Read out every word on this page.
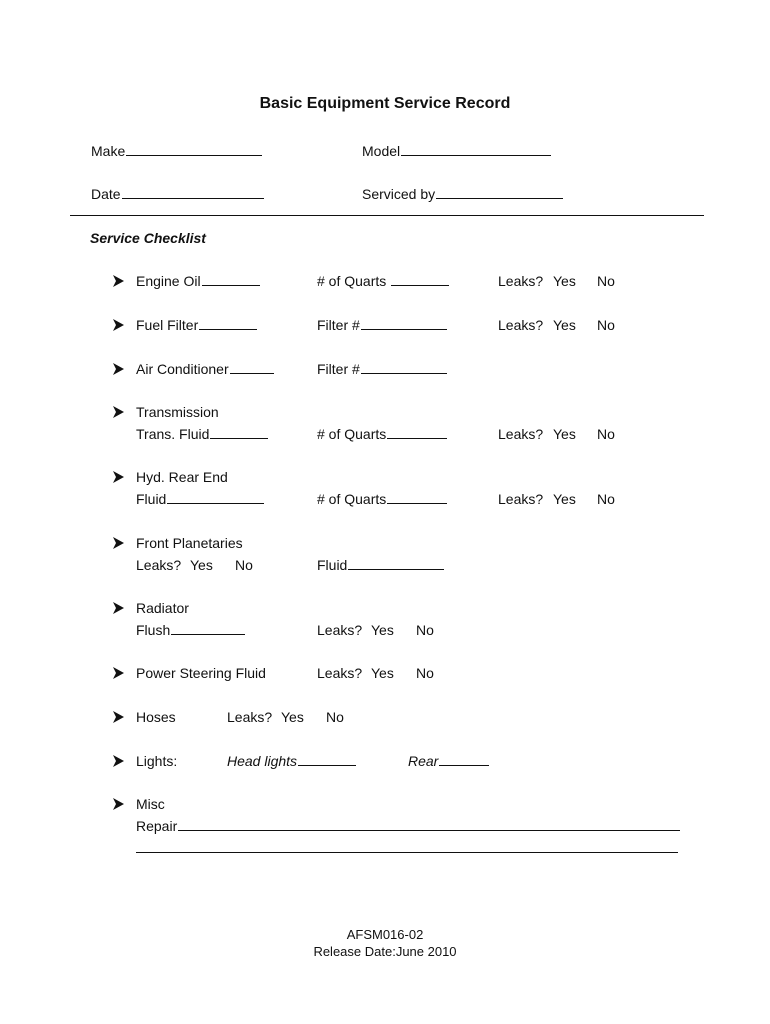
Basic Equipment Service Record
Make	Model
Date	Serviced by
Service Checklist
Engine Oil	# of Quarts	Leaks? Yes No
Fuel Filter	Filter #	Leaks? Yes No
Air Conditioner	Filter #
Transmission
Trans. Fluid	# of Quarts	Leaks? Yes No
Hyd. Rear End
Fluid	# of Quarts	Leaks? Yes No
Front Planetaries
Leaks? Yes No	Fluid
Radiator
Flush	Leaks? Yes No
Power Steering Fluid	Leaks? Yes No
Hoses	Leaks? Yes No
Lights:	Head lights	Rear
Misc
Repair
AFSM016-02
Release Date:June 2010
